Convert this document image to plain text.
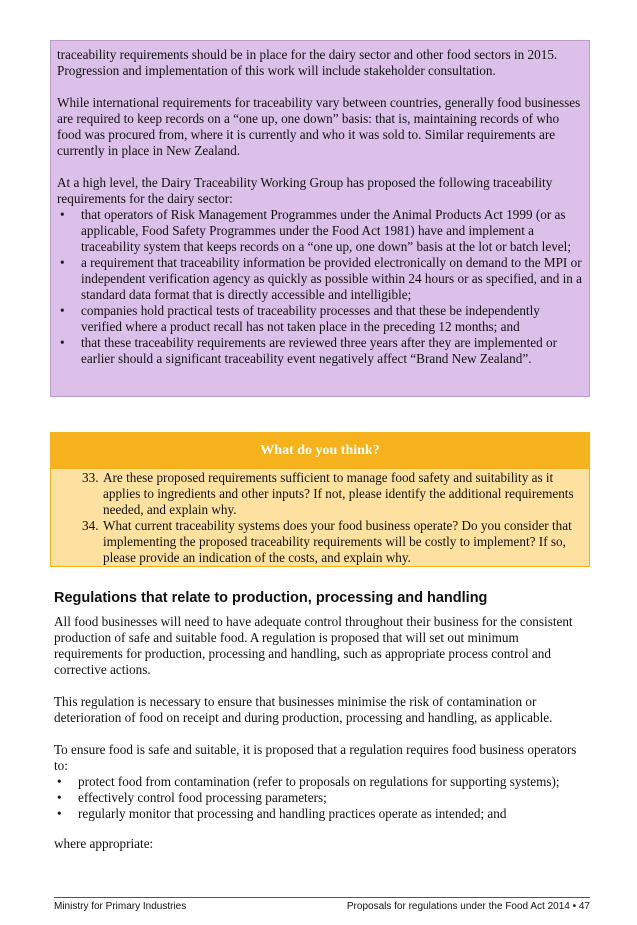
traceability requirements should be in place for the dairy sector and other food sectors in 2015. Progression and implementation of this work will include stakeholder consultation.

While international requirements for traceability vary between countries, generally food businesses are required to keep records on a “one up, one down” basis: that is, maintaining records of who food was procured from, where it is currently and who it was sold to. Similar requirements are currently in place in New Zealand.

At a high level, the Dairy Traceability Working Group has proposed the following traceability requirements for the dairy sector:

• that operators of Risk Management Programmes under the Animal Products Act 1999 (or as applicable, Food Safety Programmes under the Food Act 1981) have and implement a traceability system that keeps records on a “one up, one down” basis at the lot or batch level;
• a requirement that traceability information be provided electronically on demand to the MPI or independent verification agency as quickly as possible within 24 hours or as specified, and in a standard data format that is directly accessible and intelligible;
• companies hold practical tests of traceability processes and that these be independently verified where a product recall has not taken place in the preceding 12 months; and
• that these traceability requirements are reviewed three years after they are implemented or earlier should a significant traceability event negatively affect “Brand New Zealand”.
What do you think?
33. Are these proposed requirements sufficient to manage food safety and suitability as it applies to ingredients and other inputs? If not, please identify the additional requirements needed, and explain why.
34. What current traceability systems does your food business operate? Do you consider that implementing the proposed traceability requirements will be costly to implement? If so, please provide an indication of the costs, and explain why.
Regulations that relate to production, processing and handling

All food businesses will need to have adequate control throughout their business for the consistent production of safe and suitable food. A regulation is proposed that will set out minimum requirements for production, processing and handling, such as appropriate process control and corrective actions.

This regulation is necessary to ensure that businesses minimise the risk of contamination or deterioration of food on receipt and during production, processing and handling, as applicable.

To ensure food is safe and suitable, it is proposed that a regulation requires food business operators to:

• protect food from contamination (refer to proposals on regulations for supporting systems);
• effectively control food processing parameters;
• regularly monitor that processing and handling practices operate as intended; and

where appropriate:

Ministry for Primary Industries	Proposals for regulations under the Food Act 2014 • 47
